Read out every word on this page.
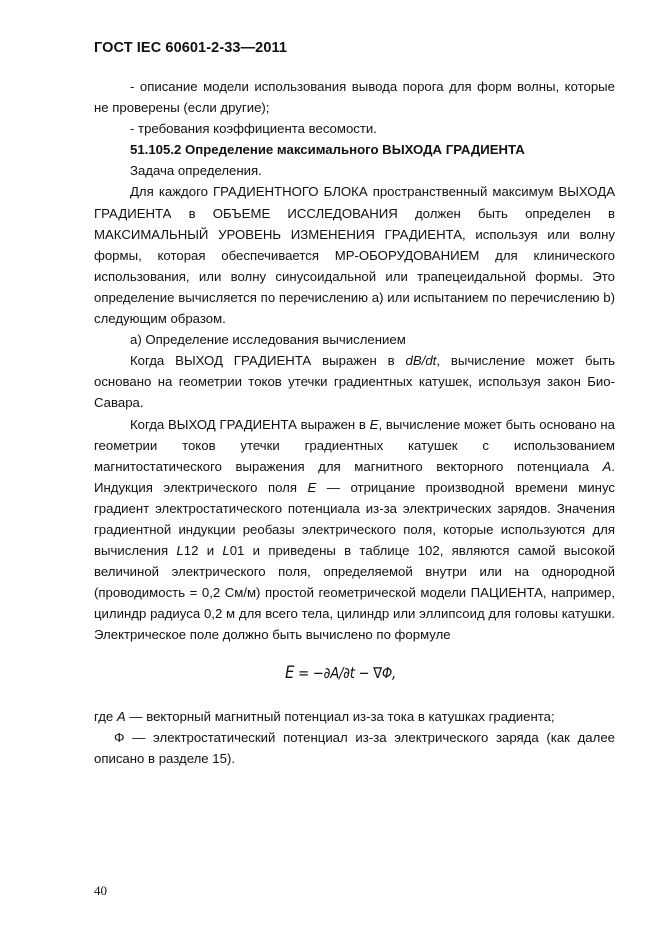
ГОСТ IEC 60601-2-33—2011

- описание модели использования вывода порога для форм волны, которые не проверены (если другие);

- требования коэффициента весомости.

51.105.2 Определение максимального ВЫХОДА ГРАДИЕНТА

Задача определения.

Для каждого ГРАДИЕНТНОГО БЛОКА пространственный максимум ВЫХОДА ГРАДИЕНТА в ОБЪЕМЕ ИССЛЕДОВАНИЯ должен быть определен в МАКСИМАЛЬНЫЙ УРОВЕНЬ ИЗМЕНЕНИЯ ГРАДИЕНТА, используя или волну формы, которая обеспечивается МР-ОБОРУДОВАНИЕМ для клинического использования, или волну синусоидальной или трапецеидальной формы. Это определение вычисляется по перечислению а) или испытанием по перечислению b) следующим образом.

а) Определение исследования вычислением

Когда ВЫХОД ГРАДИЕНТА выражен в dB/dt, вычисление может быть основано на геометрии токов утечки градиентных катушек, используя закон Био-Савара.

Когда ВЫХОД ГРАДИЕНТА выражен в E, вычисление может быть основано на геометрии токов утечки градиентных катушек с использованием магнитостатического выражения для магнитного векторного потенциала A. Индукция электрического поля E — отрицание производной времени минус градиент электростатического потенциала из-за электрических зарядов. Значения градиентной индукции реобазы электрического поля, которые используются для вычисления L12 и L01 и приведены в таблице 102, являются самой высокой величиной электрического поля, определяемой внутри или на однородной (проводимость = 0,2 См/м) простой геометрической модели ПАЦИЕНТА, например, цилиндр радиуса 0,2 м для всего тела, цилиндр или эллипсоид для головы катушки. Электрическое поле должно быть вычислено по формуле

E = −∂A/∂t − ∇Φ,

где A — векторный магнитный потенциал из-за тока в катушках градиента;

Φ — электростатический потенциал из-за электрического заряда (как далее описано в разделе 15).

40
